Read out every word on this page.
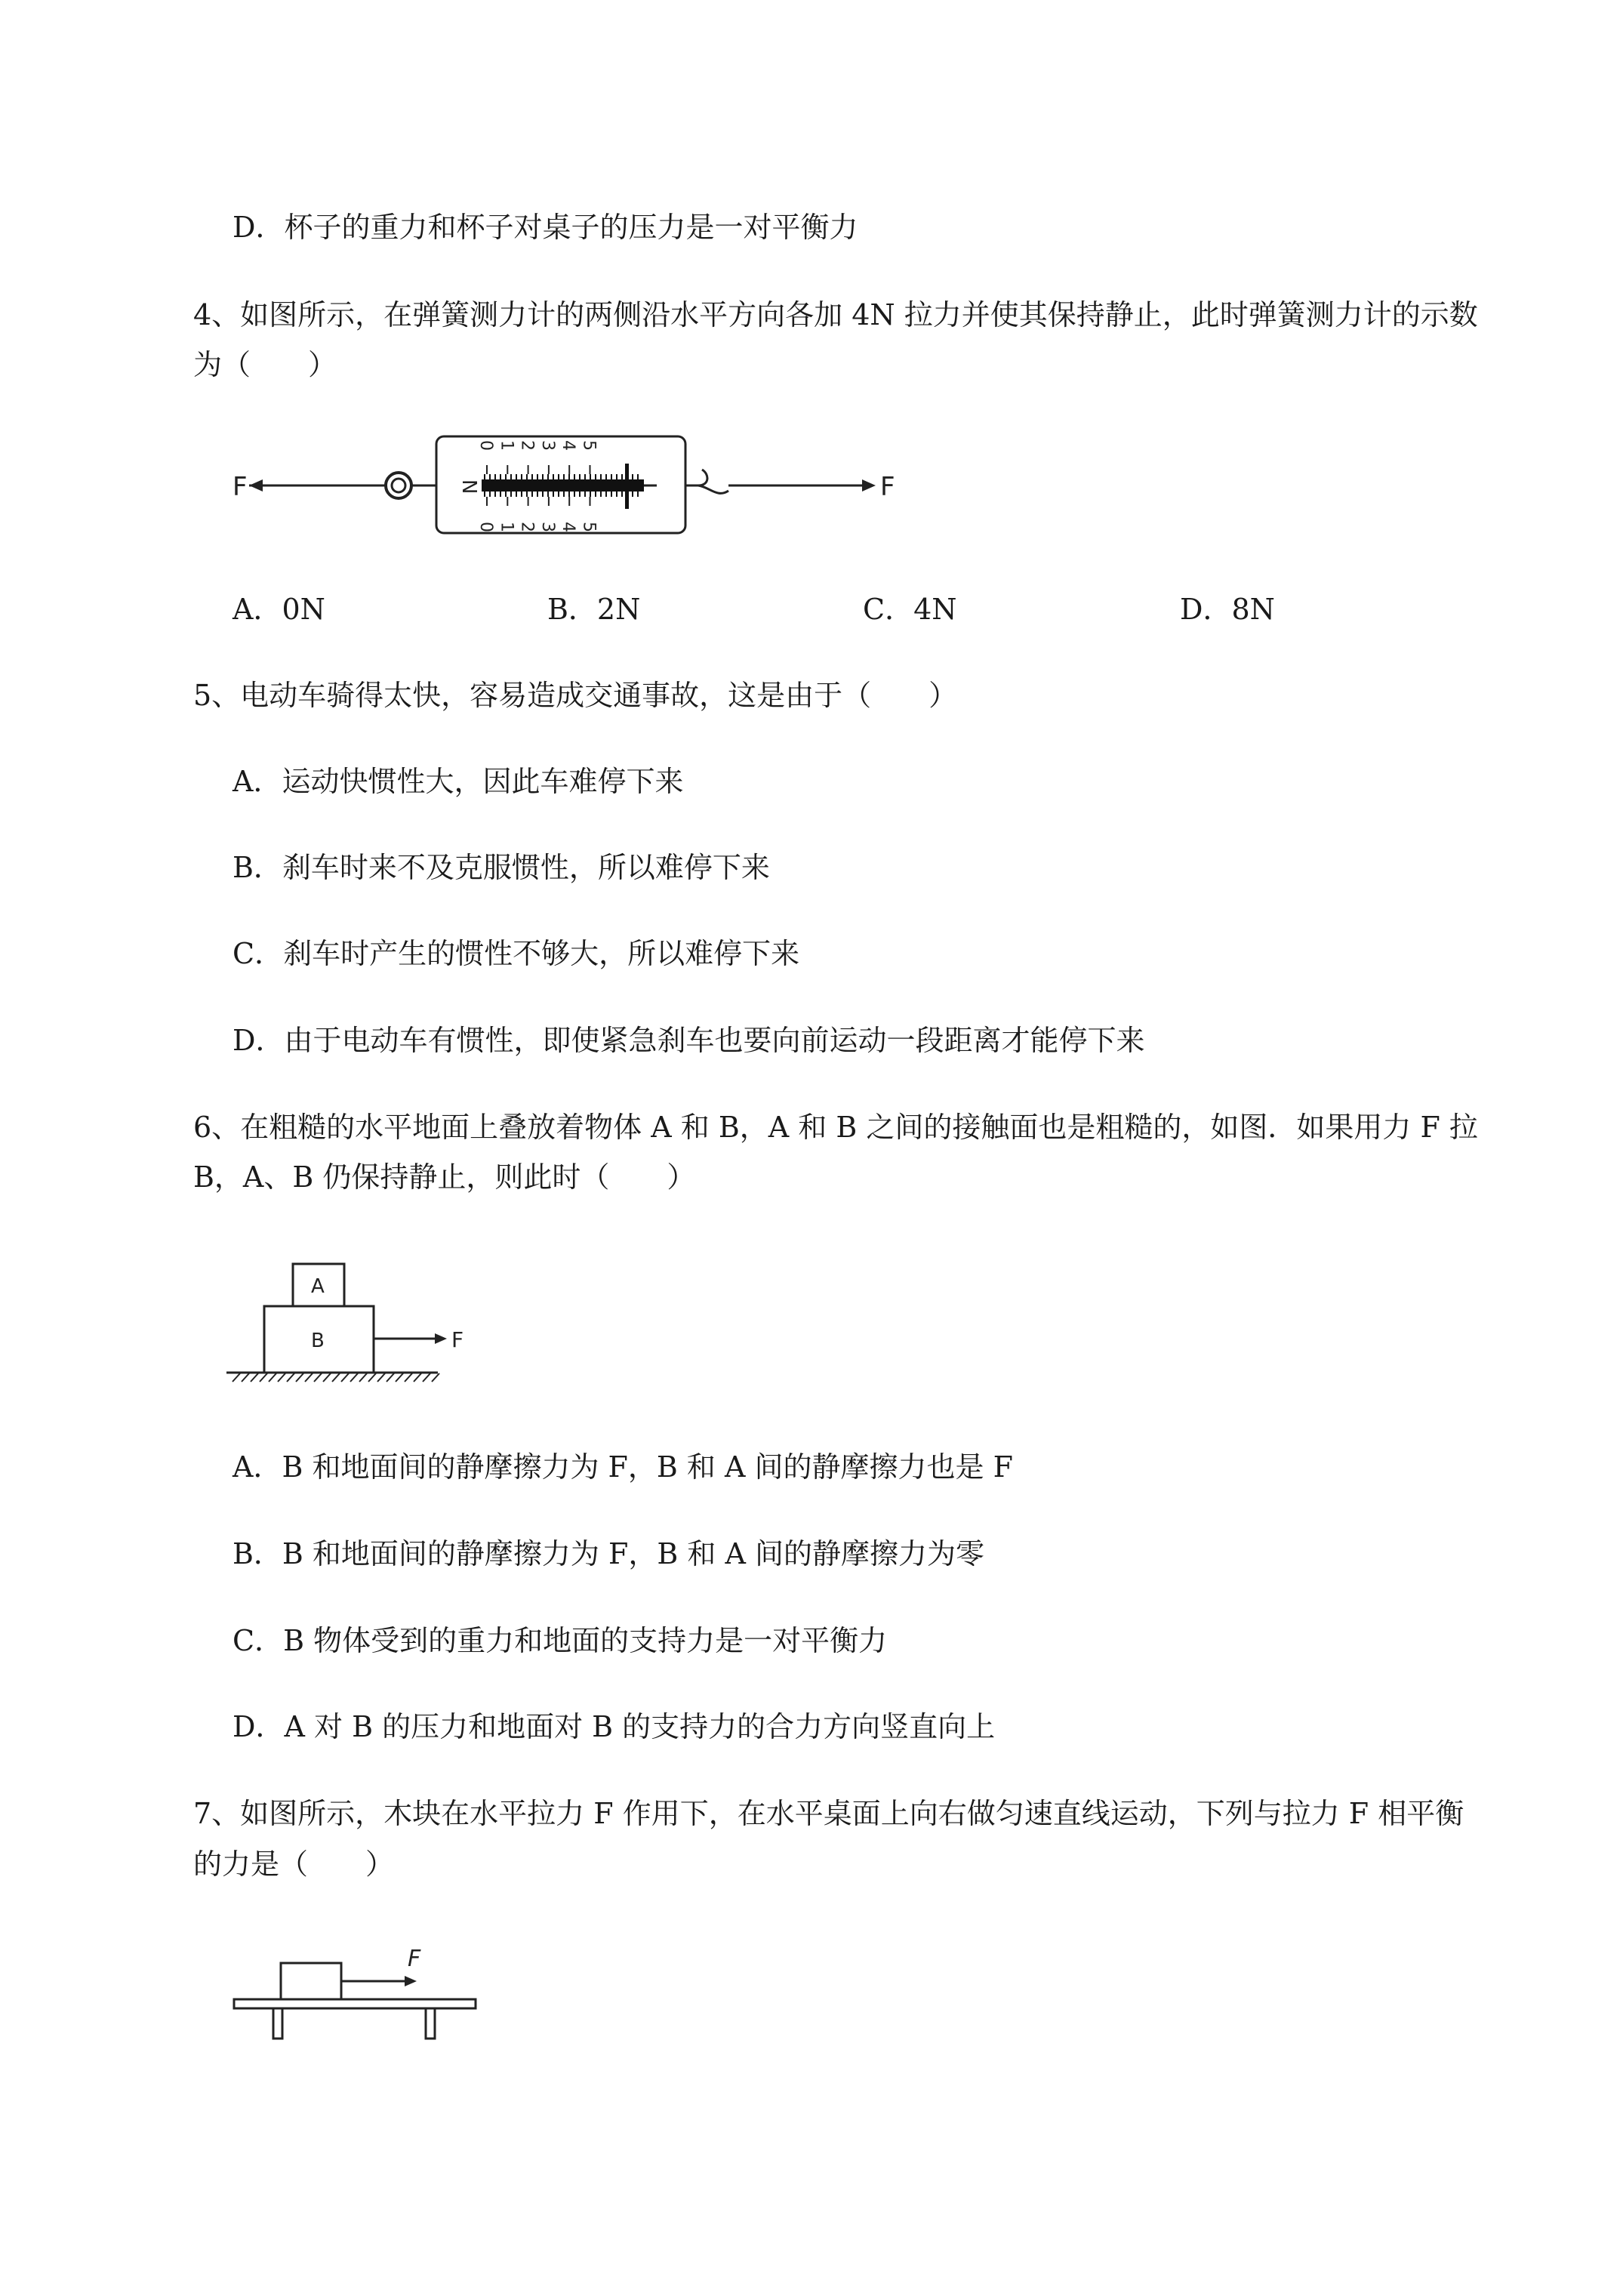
D．杯子的重力和杯子对桌子的压力是一对平衡力
4、如图所示，在弹簧测力计的两侧沿水平方向各加 4N 拉力并使其保持静止，此时弹簧测力计的示数
为（　　）
F
0 1 2 3 4 5
0 1 2 3 4 5
N	F
A．0N	B．2N	C．4N	D．8N
5、电动车骑得太快，容易造成交通事故，这是由于（　　）
A．运动快惯性大，因此车难停下来
B．刹车时来不及克服惯性，所以难停下来
C．刹车时产生的惯性不够大，所以难停下来
D．由于电动车有惯性，即使紧急刹车也要向前运动一段距离才能停下来
6、在粗糙的水平地面上叠放着物体 A 和 B，A 和 B 之间的接触面也是粗糙的，如图．如果用力 F 拉
B，A、B 仍保持静止，则此时（　　）
A
B	F
A．B 和地面间的静摩擦力为 F，B 和 A 间的静摩擦力也是 F
B．B 和地面间的静摩擦力为 F，B 和 A 间的静摩擦力为零
C．B 物体受到的重力和地面的支持力是一对平衡力
D．A 对 B 的压力和地面对 B 的支持力的合力方向竖直向上
7、如图所示，木块在水平拉力 F 作用下，在水平桌面上向右做匀速直线运动，下列与拉力 F 相平衡
的力是（　　）
F
